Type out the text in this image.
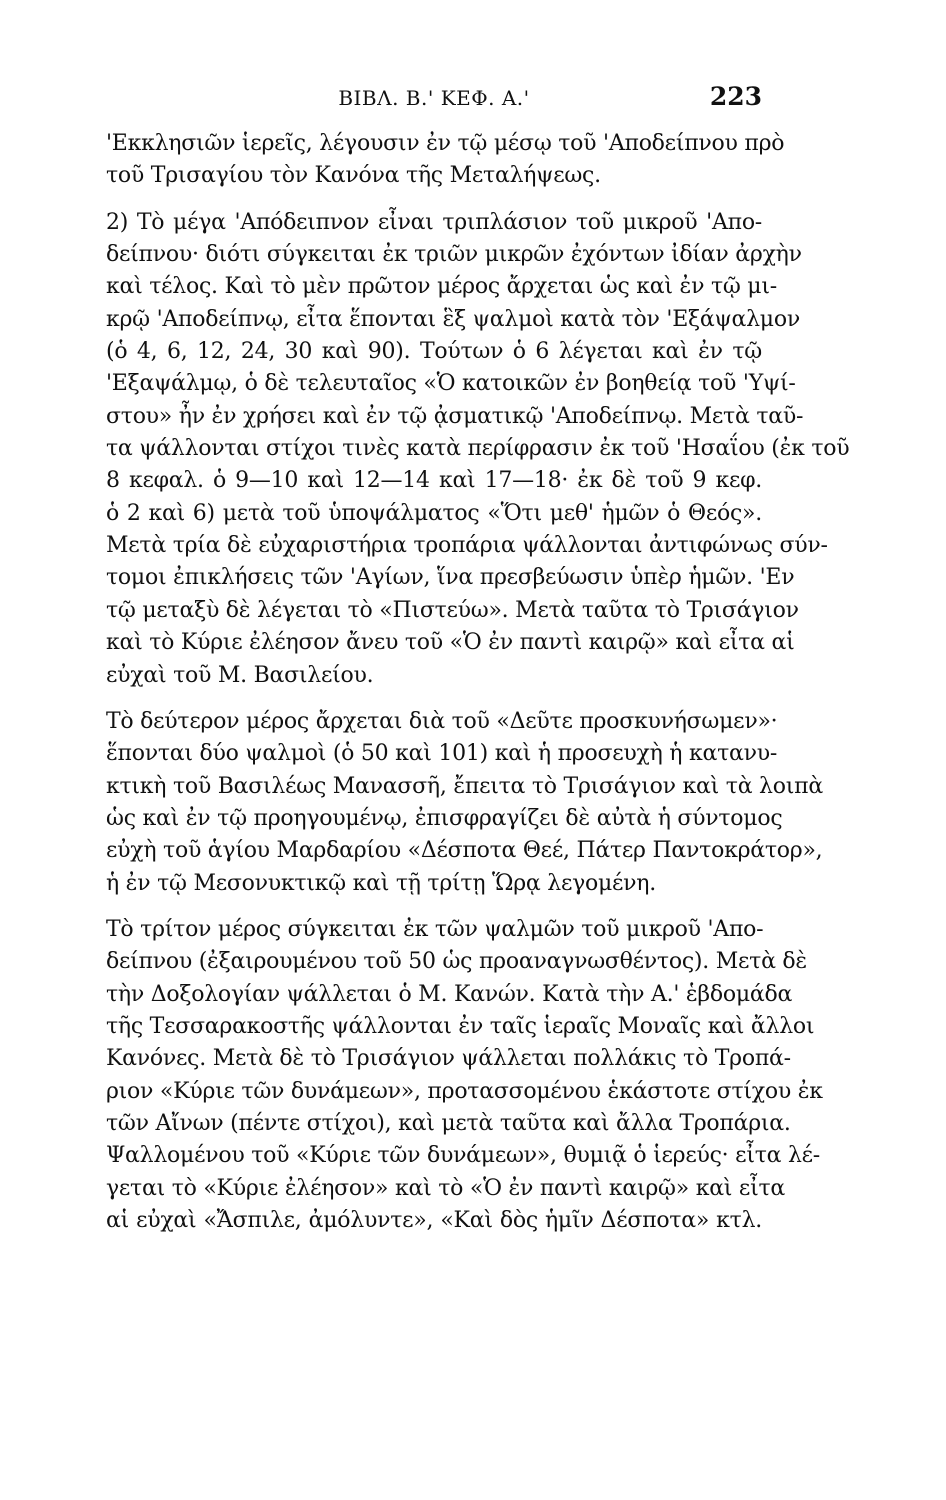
ΒΙΒΛ. Β.' ΚΕΦ. Α.'	223
'Εκκλησιῶν ἱερεῖς, λέγουσιν ἐν τῷ μέσῳ τοῦ 'Αποδείπνου πρὸ
τοῦ Τρισαγίου τὸν Κανόνα τῆς Μεταλήψεως.
2) Τὸ μέγα 'Απόδειπνον εἶναι τριπλάσιον τοῦ μικροῦ 'Απο-
δείπνου· διότι σύγκειται ἐκ τριῶν μικρῶν ἐχόντων ἰδίαν ἀρχὴν
καὶ τέλος. Καὶ τὸ μὲν πρῶτον μέρος ἄρχεται ὡς καὶ ἐν τῷ μι-
κρῷ 'Αποδείπνῳ, εἶτα ἕπονται ἓξ ψαλμοὶ κατὰ τὸν 'Εξάψαλμον
(ὁ 4, 6, 12, 24, 30 καὶ 90). Τούτων ὁ 6 λέγεται καὶ ἐν τῷ
'Εξαψάλμῳ, ὁ δὲ τελευταῖος «Ὁ κατοικῶν ἐν βοηθείᾳ τοῦ 'Υψί-
στου» ἦν ἐν χρήσει καὶ ἐν τῷ ᾀσματικῷ 'Αποδείπνῳ. Μετὰ ταῦ-
τα ψάλλονται στίχοι τινὲς κατὰ περίφρασιν ἐκ τοῦ 'Ησαΐου (ἐκ τοῦ
8 κεφαλ. ὁ 9—10 καὶ 12—14 καὶ 17—18· ἐκ δὲ τοῦ 9 κεφ.
ὁ 2 καὶ 6) μετὰ τοῦ ὑποψάλματος «Ὅτι μεθ' ἡμῶν ὁ Θεός».
Μετὰ τρία δὲ εὐχαριστήρια τροπάρια ψάλλονται ἀντιφώνως σύν-
τομοι ἐπικλήσεις τῶν 'Αγίων, ἵνα πρεσβεύωσιν ὑπὲρ ἡμῶν. 'Εν
τῷ μεταξὺ δὲ λέγεται τὸ «Πιστεύω». Μετὰ ταῦτα τὸ Τρισάγιον
καὶ τὸ Κύριε ἐλέησον ἄνευ τοῦ «Ὁ ἐν παντὶ καιρῷ» καὶ εἶτα αἱ
εὐχαὶ τοῦ Μ. Βασιλείου.
Τὸ δεύτερον μέρος ἄρχεται διὰ τοῦ «Δεῦτε προσκυνήσωμεν»·
ἕπονται δύο ψαλμοὶ (ὁ 50 καὶ 101) καὶ ἡ προσευχὴ ἡ κατανυ-
κτικὴ τοῦ Βασιλέως Μανασσῆ, ἔπειτα τὸ Τρισάγιον καὶ τὰ λοιπὰ
ὡς καὶ ἐν τῷ προηγουμένῳ, ἐπισφραγίζει δὲ αὐτὰ ἡ σύντομος
εὐχὴ τοῦ ἁγίου Μαρδαρίου «Δέσποτα Θεέ, Πάτερ Παντοκράτορ»,
ἡ ἐν τῷ Μεσονυκτικῷ καὶ τῇ τρίτῃ Ὥρᾳ λεγομένη.
Τὸ τρίτον μέρος σύγκειται ἐκ τῶν ψαλμῶν τοῦ μικροῦ 'Απο-
δείπνου (ἐξαιρουμένου τοῦ 50 ὡς προαναγνωσθέντος). Μετὰ δὲ
τὴν Δοξολογίαν ψάλλεται ὁ Μ. Κανών. Κατὰ τὴν Α.' ἑβδομάδα
τῆς Τεσσαρακοστῆς ψάλλονται ἐν ταῖς ἱεραῖς Μοναῖς καὶ ἄλλοι
Κανόνες. Μετὰ δὲ τὸ Τρισάγιον ψάλλεται πολλάκις τὸ Τροπά-
ριον «Κύριε τῶν δυνάμεων», προτασσομένου ἑκάστοτε στίχου ἐκ
τῶν Αἴνων (πέντε στίχοι), καὶ μετὰ ταῦτα καὶ ἄλλα Τροπάρια.
Ψαλλομένου τοῦ «Κύριε τῶν δυνάμεων», θυμιᾷ ὁ ἱερεύς· εἶτα λέ-
γεται τὸ «Κύριε ἐλέησον» καὶ τὸ «Ὁ ἐν παντὶ καιρῷ» καὶ εἶτα
αἱ εὐχαὶ «Ἄσπιλε, ἀμόλυντε», «Καὶ δὸς ἡμῖν Δέσποτα» κτλ.
